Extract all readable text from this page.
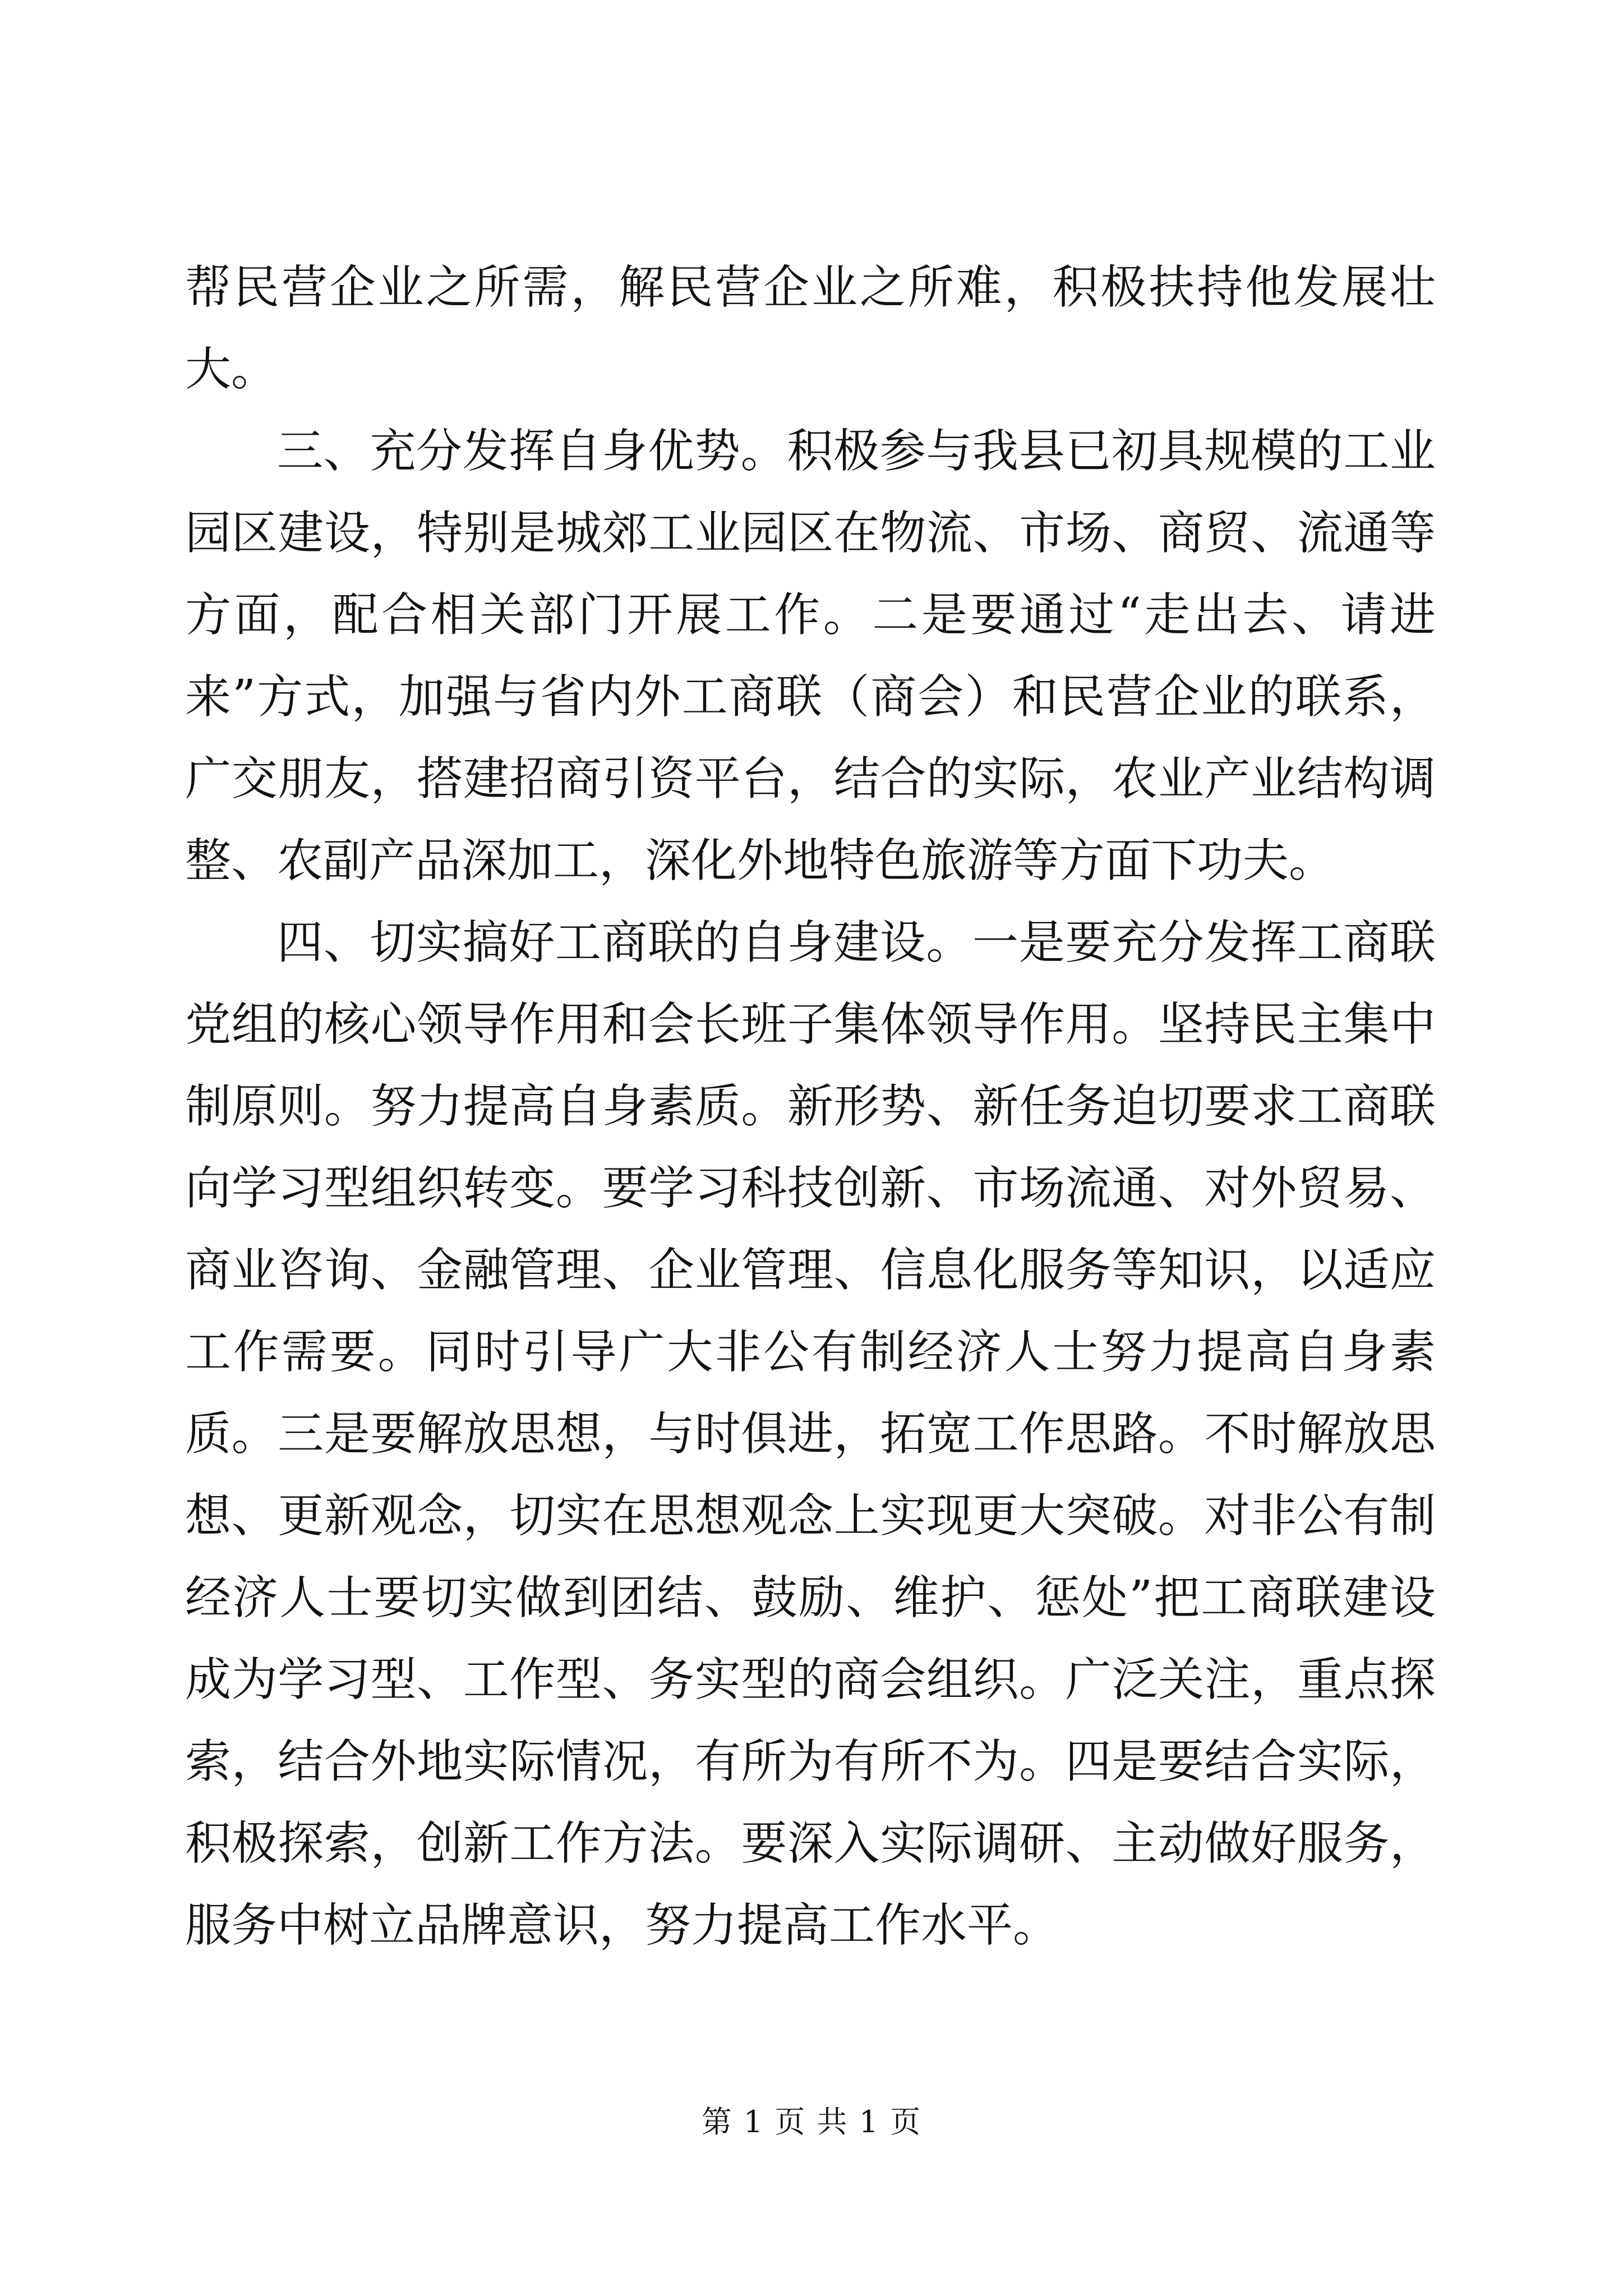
帮民营企业之所需，解民营企业之所难，积极扶持他发展壮大。

三、充分发挥自身优势。积极参与我县已初具规模的工业园区建设，特别是城郊工业园区在物流、市场、商贸、流通等方面，配合相关部门开展工作。二是要通过“走出去、请进来”方式，加强与省内外工商联（商会）和民营企业的联系，广交朋友，搭建招商引资平台，结合的实际，农业产业结构调整、农副产品深加工，深化外地特色旅游等方面下功夫。

四、切实搞好工商联的自身建设。一是要充分发挥工商联党组的核心领导作用和会长班子集体领导作用。坚持民主集中制原则。努力提高自身素质。新形势、新任务迫切要求工商联向学习型组织转变。要学习科技创新、市场流通、对外贸易、商业咨询、金融管理、企业管理、信息化服务等知识，以适应工作需要。同时引导广大非公有制经济人士努力提高自身素质。三是要解放思想，与时俱进，拓宽工作思路。不时解放思想、更新观念，切实在思想观念上实现更大突破。对非公有制经济人士要切实做到团结、鼓励、维护、惩处”把工商联建设成为学习型、工作型、务实型的商会组织。广泛关注，重点探索，结合外地实际情况，有所为有所不为。四是要结合实际，积极探索，创新工作方法。要深入实际调研、主动做好服务，服务中树立品牌意识，努力提高工作水平。

第 1 页 共 1 页
